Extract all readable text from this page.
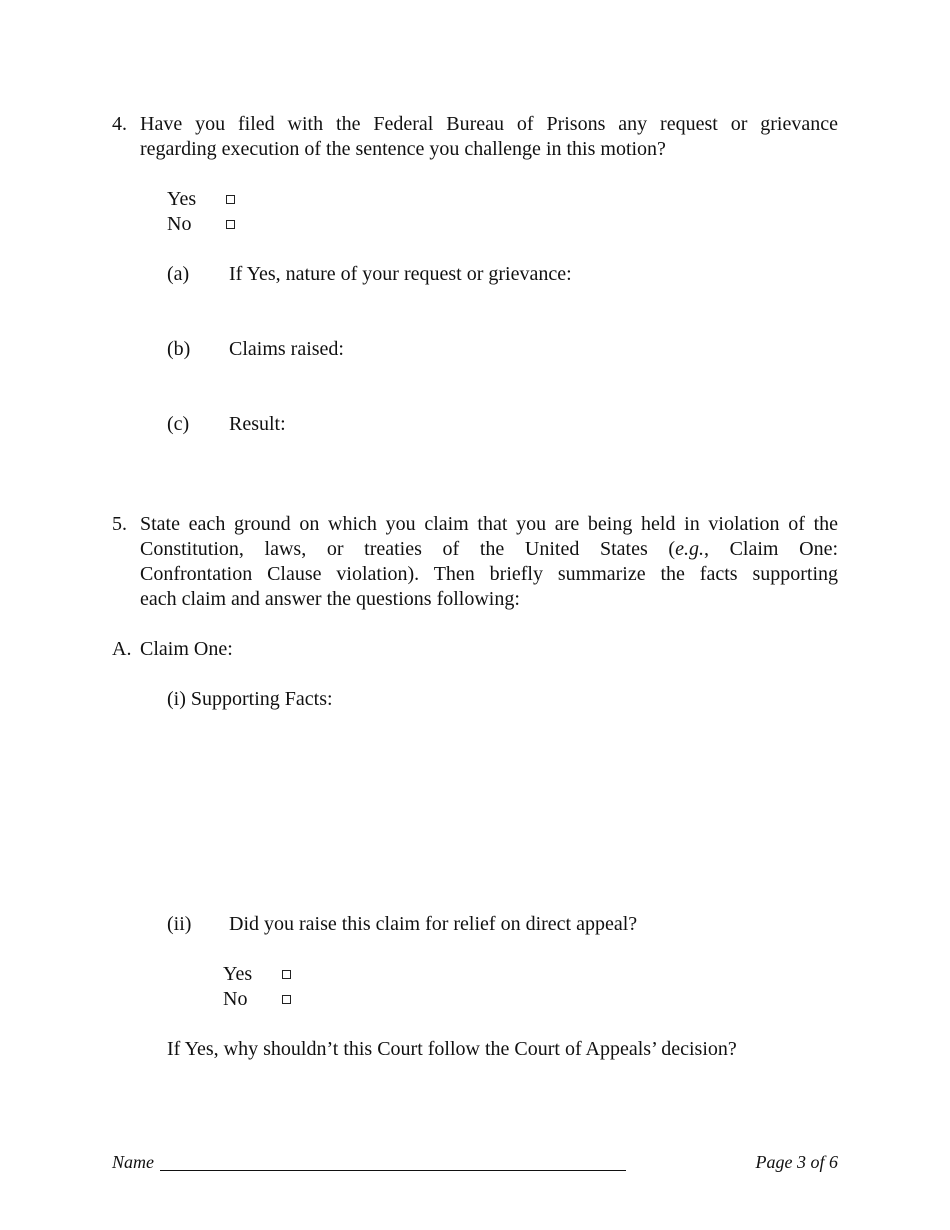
4. Have you filed with the Federal Bureau of Prisons any request or grievance
regarding execution of the sentence you challenge in this motion?
Yes
No
(a) If Yes, nature of your request or grievance:
(b) Claims raised:
(c) Result:
5. State each ground on which you claim that you are being held in violation of the
Constitution, laws, or treaties of the United States (e.g., Claim One:
Confrontation Clause violation). Then briefly summarize the facts supporting
each claim and answer the questions following:
A. Claim One:
(i) Supporting Facts:
(ii) Did you raise this claim for relief on direct appeal?
Yes
No
If Yes, why shouldn’t this Court follow the Court of Appeals’ decision?
Name	Page 3 of 6
